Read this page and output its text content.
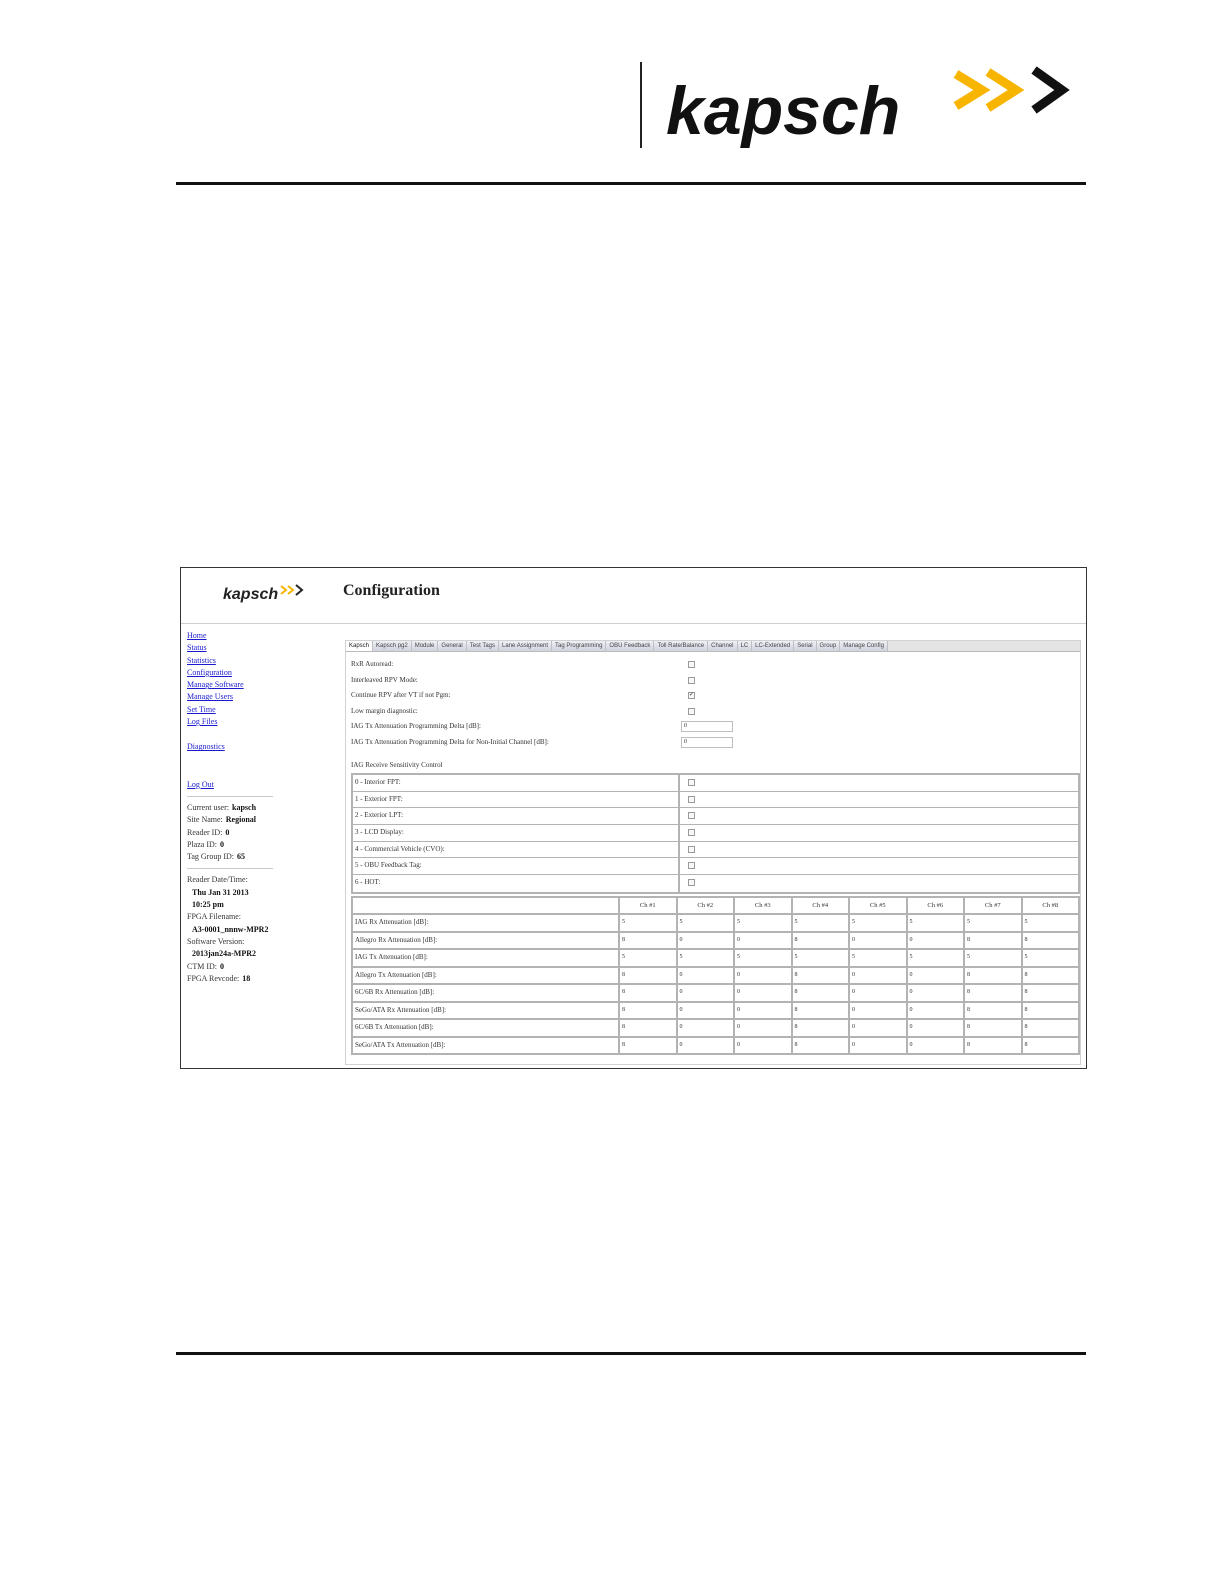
kapsch
kapsch	Configuration
Home
Status
Statistics
Configuration
Manage Software
Manage Users
Set Time
Log Files
Diagnostics
Log Out
Current user: kapsch
Site Name: Regional
Reader ID: 0
Plaza ID: 0
Tag Group ID: 65
Reader Date/Time:
Thu Jan 31 2013
10:25 pm
FPGA Filename:
A3-0001_nnnw-MPR2
Software Version:
2013jan24a-MPR2
CTM ID: 0
FPGA Revcode: 18
Kapsch	Kapsch pg2	Module	General	Test Tags	Lane Assignment	Tag Programming	OBU Feedback	Toll Rate/Balance	Channel	LC	LC-Extended	Serial	Group	Manage Config
RxR Autoread:
Interleaved RPV Mode:
Continue RPV after VT if not Pgm:	✓
Low margin diagnostic:
IAG Tx Attenuation Programming Delta [dB]:	0
IAG Tx Attenuation Programming Delta for Non-Initial Channel [dB]:	0
IAG Receive Sensitivity Control
0 - Interior FPT:
1 - Exterior FPT:
2 - Exterior LPT:
3 - LCD Display:
4 - Commercial Vehicle (CVO):
5 - OBU Feedback Tag:
6 - HOT:
	Ch #1	Ch #2	Ch #3	Ch #4	Ch #5	Ch #6	Ch #7	Ch #8
IAG Rx Attenuation [dB]:	5	5	5	5	5	5	5	5
Allegro Rx Attenuation [dB]:	8	0	0	8	0	0	8	8
IAG Tx Attenuation [dB]:	5	5	5	5	5	5	5	5
Allegro Tx Attenuation [dB]:	8	0	0	8	0	0	8	8
6C/6B Rx Attenuation [dB]:	8	0	0	8	0	0	8	8
SeGo/ATA Rx Attenuation [dB]:	8	0	0	8	0	0	8	8
6C/6B Tx Attenuation [dB]:	8	0	0	8	0	0	8	8
SeGo/ATA Tx Attenuation [dB]:	8	0	0	8	0	0	8	8
